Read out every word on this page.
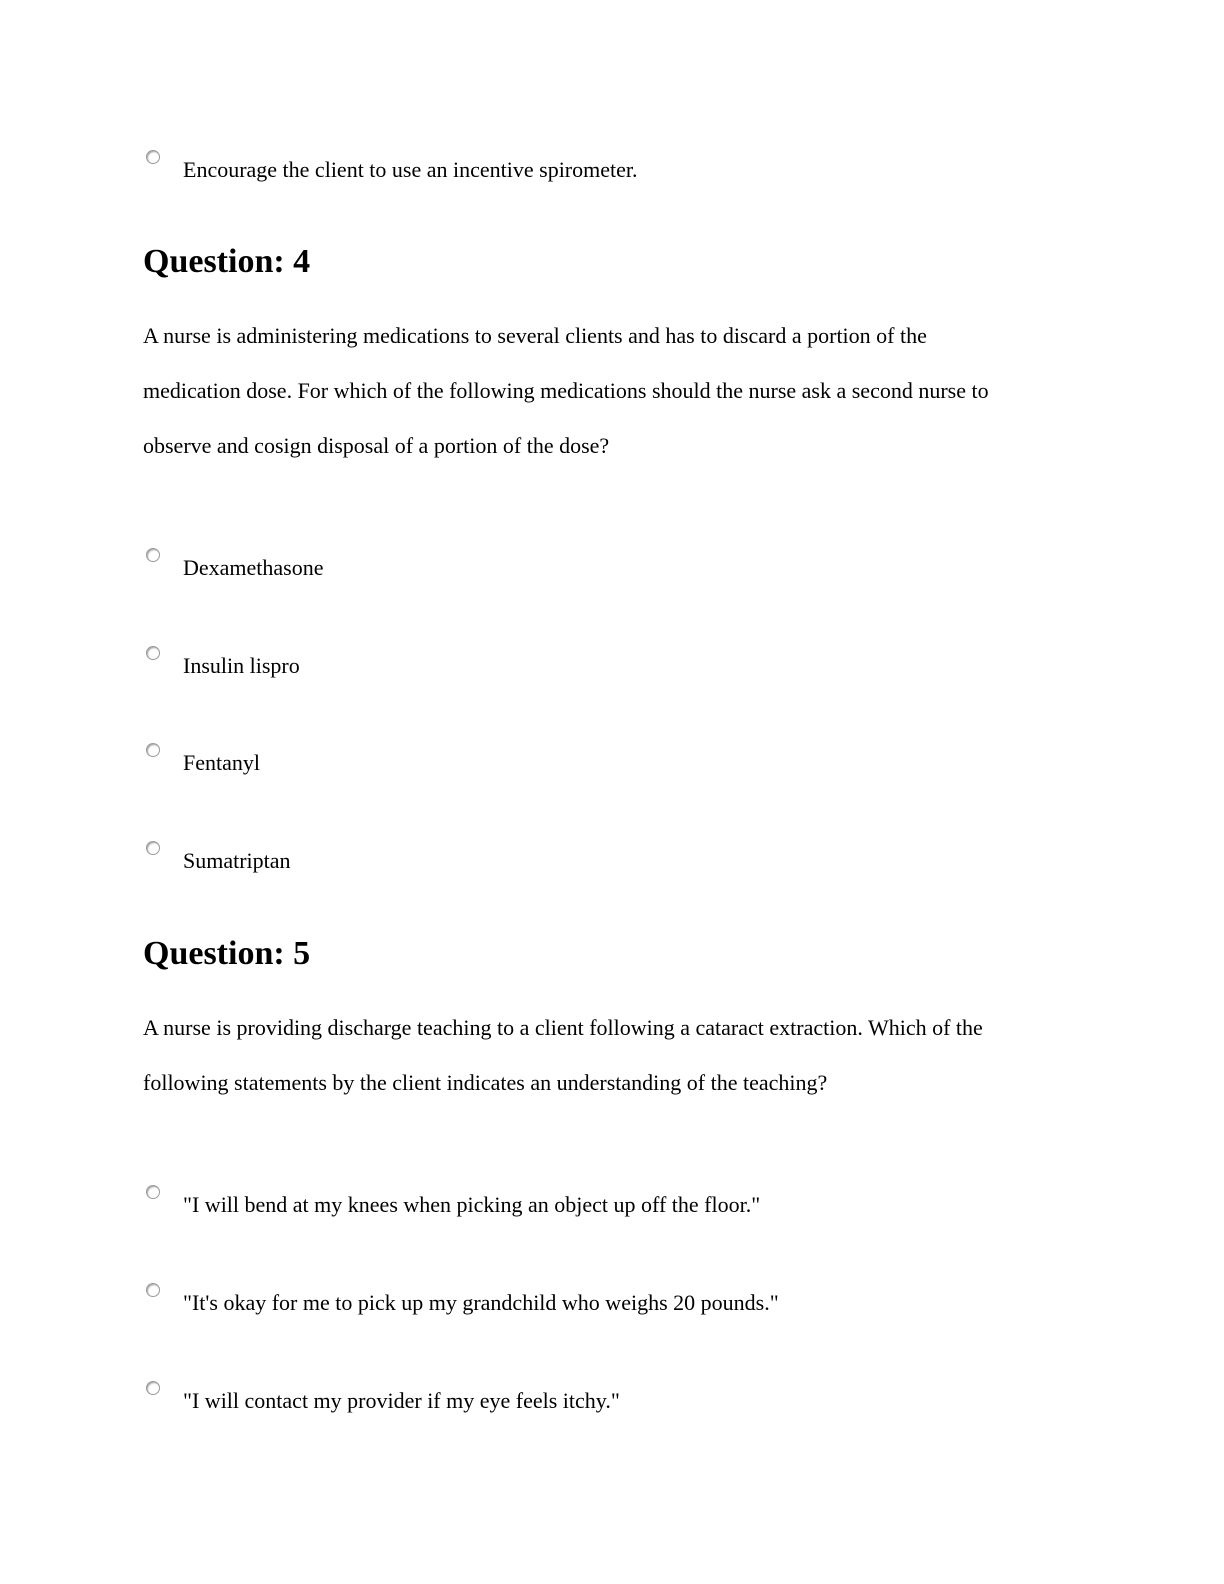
Encourage the client to use an incentive spirometer.
Question: 4

A nurse is administering medications to several clients and has to discard a portion of the

medication dose. For which of the following medications should the nurse ask a second nurse to

observe and cosign disposal of a portion of the dose?

Dexamethasone
Insulin lispro
Fentanyl
Sumatriptan
Question: 5

A nurse is providing discharge teaching to a client following a cataract extraction. Which of the

following statements by the client indicates an understanding of the teaching?

"I will bend at my knees when picking an object up off the floor."
"It's okay for me to pick up my grandchild who weighs 20 pounds."
"I will contact my provider if my eye feels itchy."
